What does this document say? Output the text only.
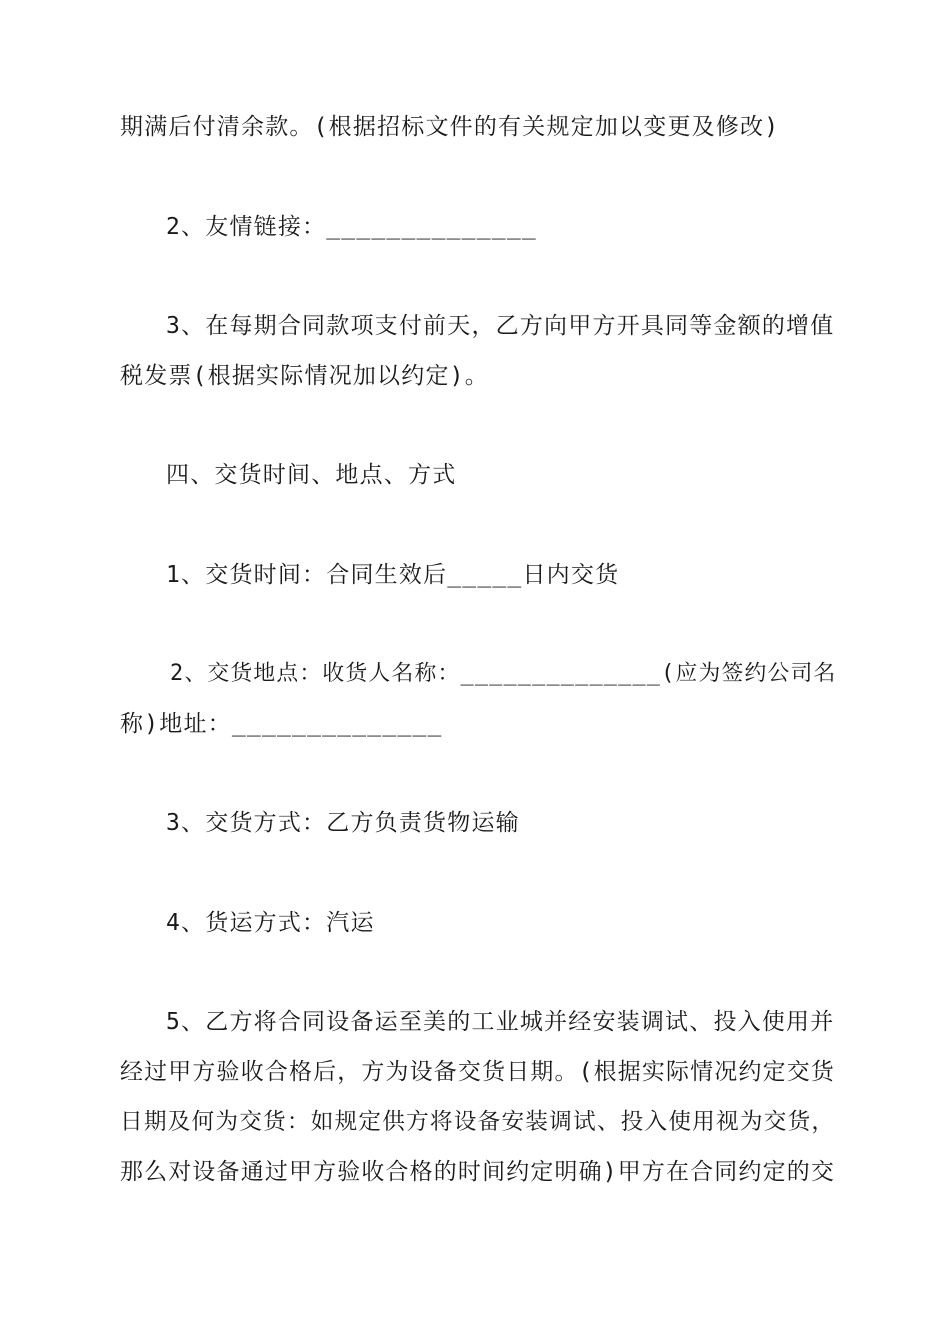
期满后付清余款。(根据招标文件的有关规定加以变更及修改)
2、友情链接：______________
3、在每期合同款项支付前天，乙方向甲方开具同等金额的增值
税发票(根据实际情况加以约定)。
四、交货时间、地点、方式
1、交货时间：合同生效后_____日内交货
2、交货地点：收货人名称：______________(应为签约公司名
称)地址：______________
3、交货方式：乙方负责货物运输
4、货运方式：汽运
5、乙方将合同设备运至美的工业城并经安装调试、投入使用并
经过甲方验收合格后，方为设备交货日期。(根据实际情况约定交货
日期及何为交货：如规定供方将设备安装调试、投入使用视为交货，
那么对设备通过甲方验收合格的时间约定明确)甲方在合同约定的交
